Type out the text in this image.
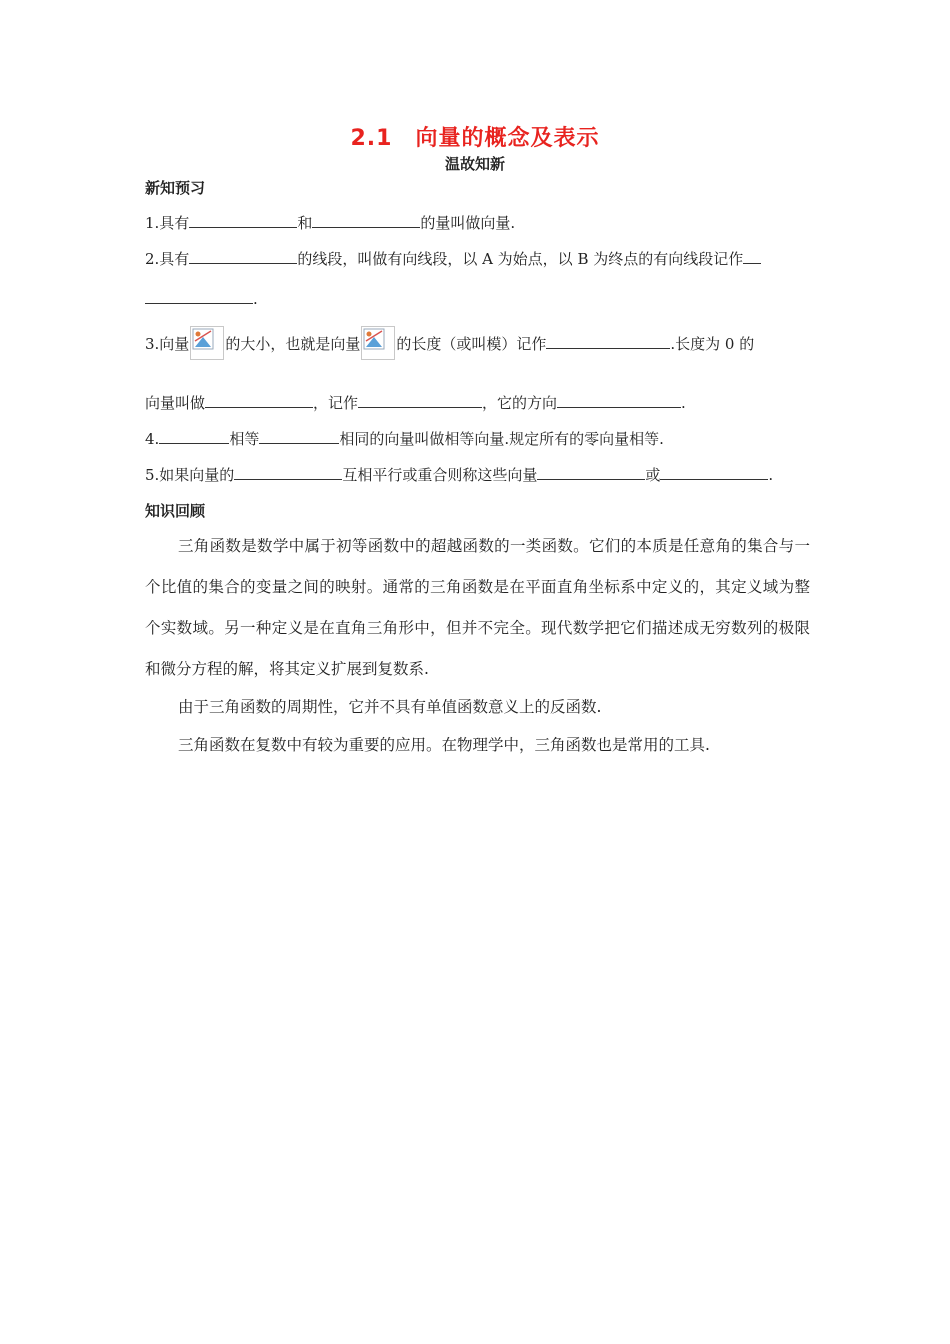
2.1　向量的概念及表示
温故知新
新知预习
1.具有	和	的量叫做向量.
2.具有	的线段，叫做有向线段，以 A 为始点，以 B 为终点的有向线段记作
.
3.向量 的大小，也就是向量 的长度（或叫模）记作	.长度为 0 的
向量叫做	，记作	，它的方向	.
4.	相等	相同的向量叫做相等向量.规定所有的零向量相等.
5.如果向量的	互相平行或重合则称这些向量	或	.
知识回顾
三角函数是数学中属于初等函数中的超越函数的一类函数。它们的本质是任意角的集合与一个比值的集合的变量之间的映射。通常的三角函数是在平面直角坐标系中定义的，其定义域为整个实数域。另一种定义是在直角三角形中，但并不完全。现代数学把它们描述成无穷数列的极限和微分方程的解，将其定义扩展到复数系.
由于三角函数的周期性，它并不具有单值函数意义上的反函数.
三角函数在复数中有较为重要的应用。在物理学中，三角函数也是常用的工具.
